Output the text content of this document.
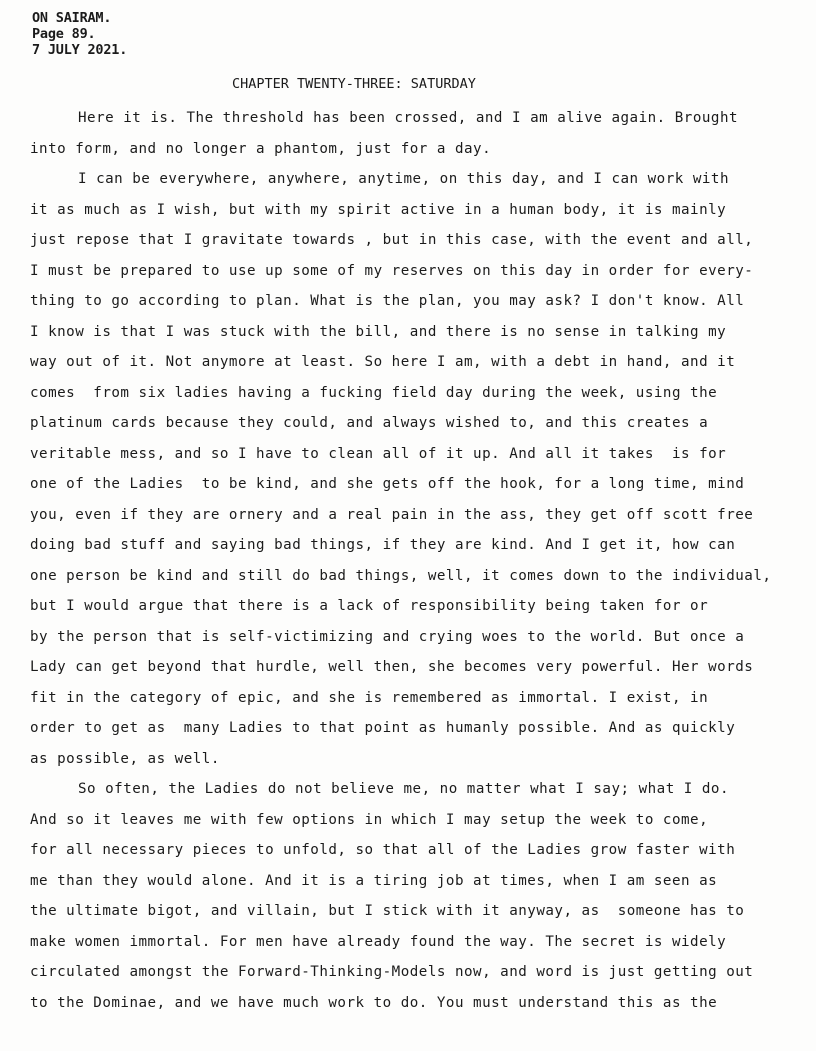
ON SAIRAM.
Page 89.
7 JULY 2021.
CHAPTER TWENTY-THREE: SATURDAY
Here it is. The threshold has been crossed, and I am alive again. Brought
into form, and no longer a phantom, just for a day.
I can be everywhere, anywhere, anytime, on this day, and I can work with
it as much as I wish, but with my spirit active in a human body, it is mainly
just repose that I gravitate towards , but in this case, with the event and all,
I must be prepared to use up some of my reserves on this day in order for every-
thing to go according to plan. What is the plan, you may ask? I don't know. All
I know is that I was stuck with the bill, and there is no sense in talking my
way out of it. Not anymore at least. So here I am, with a debt in hand, and it
comes  from six ladies having a fucking field day during the week, using the
platinum cards because they could, and always wished to, and this creates a
veritable mess, and so I have to clean all of it up. And all it takes  is for
one of the Ladies  to be kind, and she gets off the hook, for a long time, mind
you, even if they are ornery and a real pain in the ass, they get off scott free
doing bad stuff and saying bad things, if they are kind. And I get it, how can
one person be kind and still do bad things, well, it comes down to the individual,
but I would argue that there is a lack of responsibility being taken for or
by the person that is self-victimizing and crying woes to the world. But once a
Lady can get beyond that hurdle, well then, she becomes very powerful. Her words
fit in the category of epic, and she is remembered as immortal. I exist, in
order to get as  many Ladies to that point as humanly possible. And as quickly
as possible, as well.
So often, the Ladies do not believe me, no matter what I say; what I do.
And so it leaves me with few options in which I may setup the week to come,
for all necessary pieces to unfold, so that all of the Ladies grow faster with
me than they would alone. And it is a tiring job at times, when I am seen as
the ultimate bigot, and villain, but I stick with it anyway, as  someone has to
make women immortal. For men have already found the way. The secret is widely
circulated amongst the Forward-Thinking-Models now, and word is just getting out
to the Dominae, and we have much work to do. You must understand this as the
